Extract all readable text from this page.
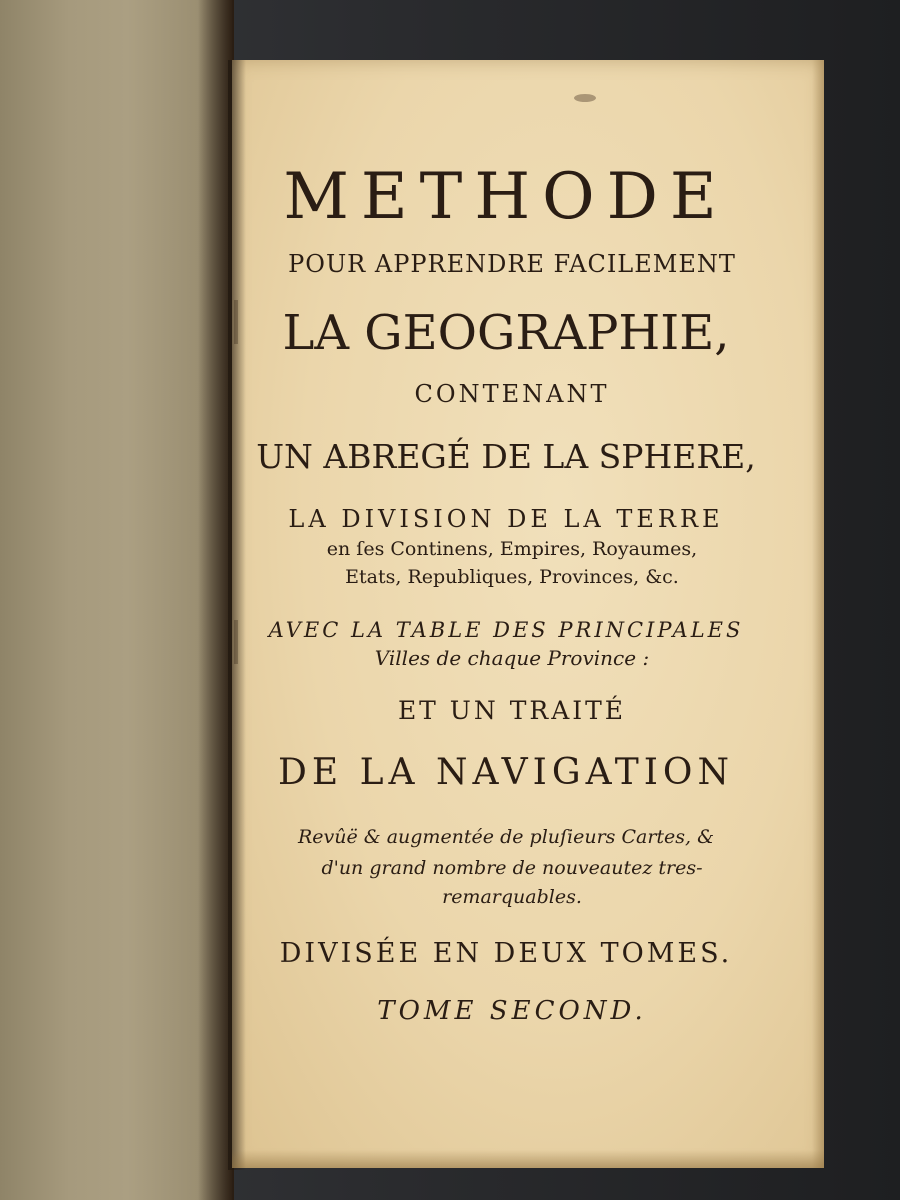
METHODE
POUR APPRENDRE FACILEMENT
LA GEOGRAPHIE,
CONTENANT
UN ABREGÉ DE LA SPHERE,
LA DIVISION DE LA TERRE
en ſes Continens, Empires, Royaumes,
Etats, Republiques, Provinces, &c.
AVEC LA TABLE DES PRINCIPALES
Villes de chaque Province :
ET UN TRAITÉ
DE LA NAVIGATION
Revûë & augmentée de pluſieurs Cartes, &
d'un grand nombre de nouveautez tres-
remarquables.
DIVISÉE EN DEUX TOMES.
TOME SECOND.
